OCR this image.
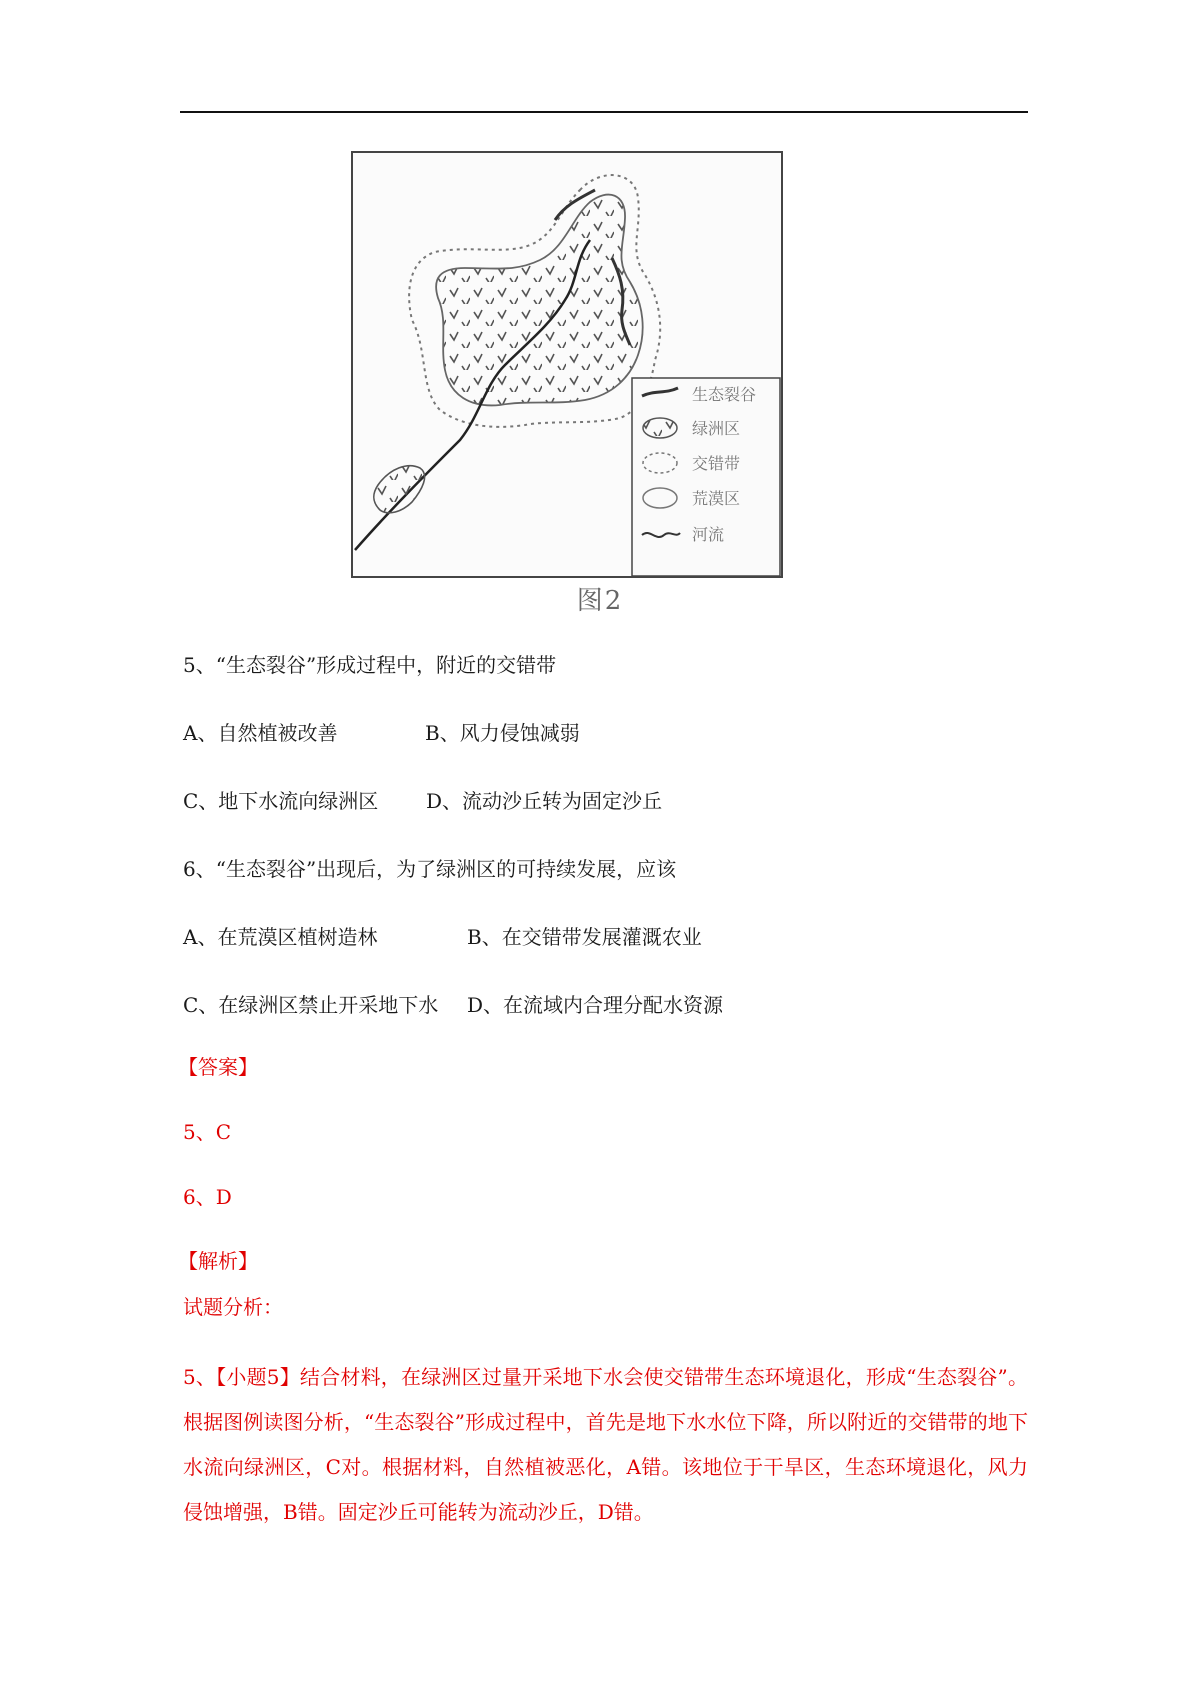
生态裂谷
绿洲区
交错带
荒漠区
河流
图2
5、“生态裂谷”形成过程中，附近的交错带
A、自然植被改善	B、风力侵蚀减弱
C、地下水流向绿洲区 D、流动沙丘转为固定沙丘
6、“生态裂谷”出现后，为了绿洲区的可持续发展，应该
A、在荒漠区植树造林	B、在交错带发展灌溉农业
C、在绿洲区禁止开采地下水 D、在流域内合理分配水资源
【答案】
5、C
6、D
【解析】
试题分析：
5、【小题5】结合材料，在绿洲区过量开采地下水会使交错带生态环境退化，形成“生态裂谷”。根据图例读图分析，“生态裂谷”形成过程中，首先是地下水水位下降，所以附近的交错带的地下水流向绿洲区，C对。根据材料，自然植被恶化，A错。该地位于干旱区，生态环境退化，风力侵蚀增强，B错。固定沙丘可能转为流动沙丘，D错。
